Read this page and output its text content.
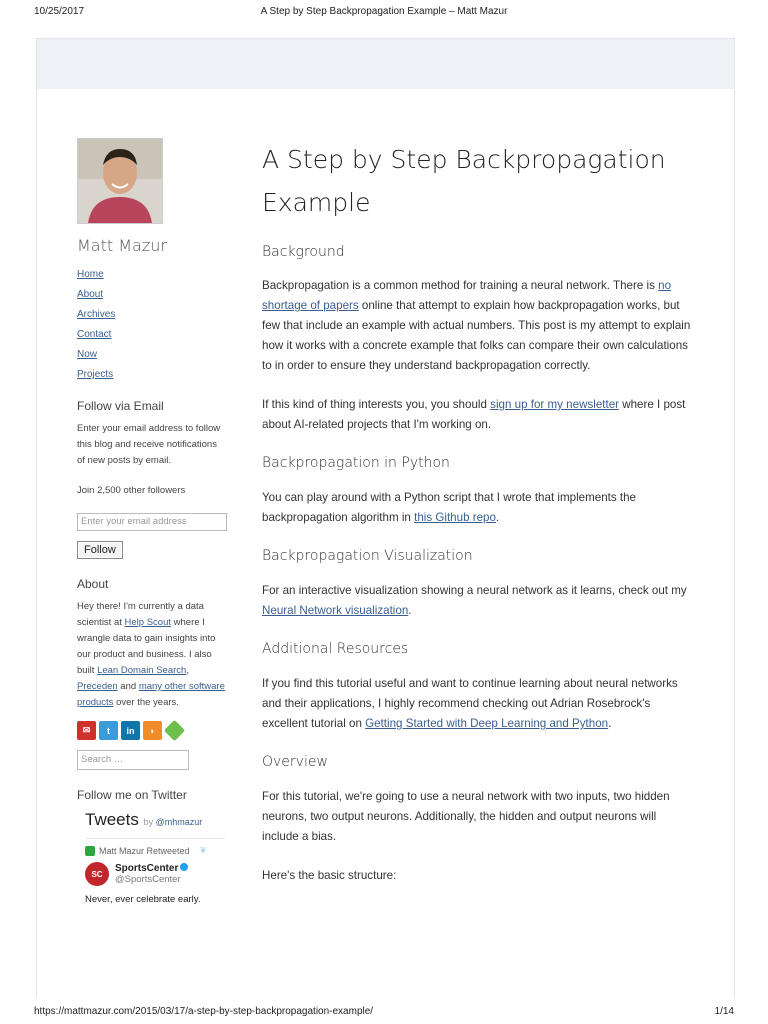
10/25/2017	A Step by Step Backpropagation Example – Matt Mazur
Matt Mazur
Home
About
Archives
Contact
Now
Projects
Follow via Email

Enter your email address to follow this blog and receive notifications of new posts by email.

Join 2,500 other followers

Enter your email address
Follow
About

Hey there! I'm currently a data scientist at Help Scout where I wrangle data to gain insights into our product and business. I also built Lean Domain Search, Preceden and many other software products over the years.

✉	t	in	◗
Search …
Follow me on Twitter
Tweets by @mhmazur
Matt Mazur Retweeted ❦
SC	SportsCenter
@SportsCenter
Never, ever celebrate early.
A Step by Step Backpropagation Example
Background

Backpropagation is a common method for training a neural network. There is no shortage of papers online that attempt to explain how backpropagation works, but few that include an example with actual numbers. This post is my attempt to explain how it works with a concrete example that folks can compare their own calculations to in order to ensure they understand backpropagation correctly.

If this kind of thing interests you, you should sign up for my newsletter where I post about AI-related projects that I'm working on.

Backpropagation in Python

You can play around with a Python script that I wrote that implements the backpropagation algorithm in this Github repo.

Backpropagation Visualization

For an interactive visualization showing a neural network as it learns, check out my Neural Network visualization.

Additional Resources

If you find this tutorial useful and want to continue learning about neural networks and their applications, I highly recommend checking out Adrian Rosebrock's excellent tutorial on Getting Started with Deep Learning and Python.

Overview

For this tutorial, we're going to use a neural network with two inputs, two hidden neurons, two output neurons. Additionally, the hidden and output neurons will include a bias.

Here's the basic structure:

https://mattmazur.com/2015/03/17/a-step-by-step-backpropagation-example/	1/14
